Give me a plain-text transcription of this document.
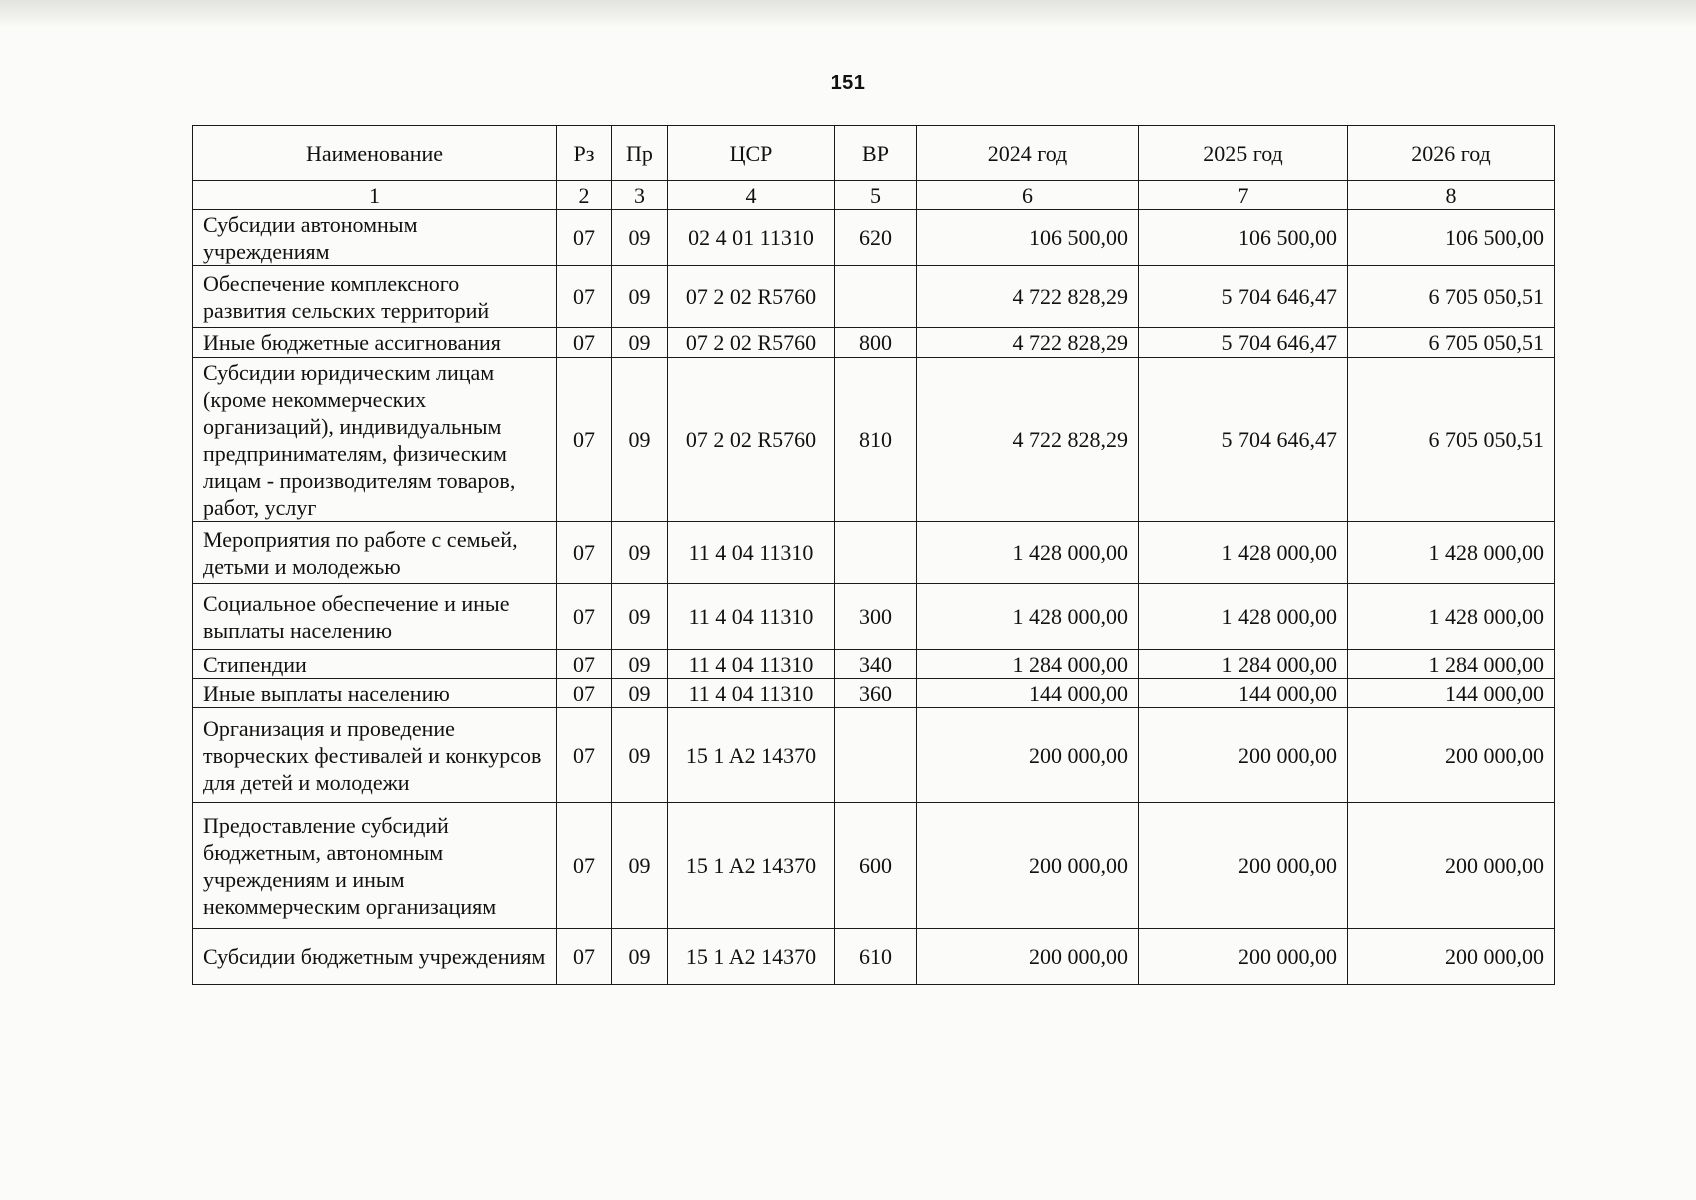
151
Наименование	Рз	Пр	ЦСР	ВР	2024 год	2025 год	2026 год
1	2	3	4	5	6	7	8
Субсидии автономным учреждениям	07	09	02 4 01 11310	620	106 500,00	106 500,00	106 500,00
Обеспечение комплексного развития сельских территорий	07	09	07 2 02 R5760		4 722 828,29	5 704 646,47	6 705 050,51
Иные бюджетные ассигнования	07	09	07 2 02 R5760	800	4 722 828,29	5 704 646,47	6 705 050,51
Субсидии юридическим лицам (кроме некоммерческих организаций), индивидуальным предпринимателям, физическим лицам - производителям товаров, работ, услуг	07	09	07 2 02 R5760	810	4 722 828,29	5 704 646,47	6 705 050,51
Мероприятия по работе с семьей, детьми и молодежью	07	09	11 4 04 11310		1 428 000,00	1 428 000,00	1 428 000,00
Социальное обеспечение и иные выплаты населению	07	09	11 4 04 11310	300	1 428 000,00	1 428 000,00	1 428 000,00
Стипендии	07	09	11 4 04 11310	340	1 284 000,00	1 284 000,00	1 284 000,00
Иные выплаты населению	07	09	11 4 04 11310	360	144 000,00	144 000,00	144 000,00
Организация и проведение творческих фестивалей и конкурсов для детей и молодежи	07	09	15 1 A2 14370		200 000,00	200 000,00	200 000,00
Предоставление субсидий бюджетным, автономным учреждениям и иным некоммерческим организациям	07	09	15 1 A2 14370	600	200 000,00	200 000,00	200 000,00
Субсидии бюджетным учреждениям	07	09	15 1 A2 14370	610	200 000,00	200 000,00	200 000,00
